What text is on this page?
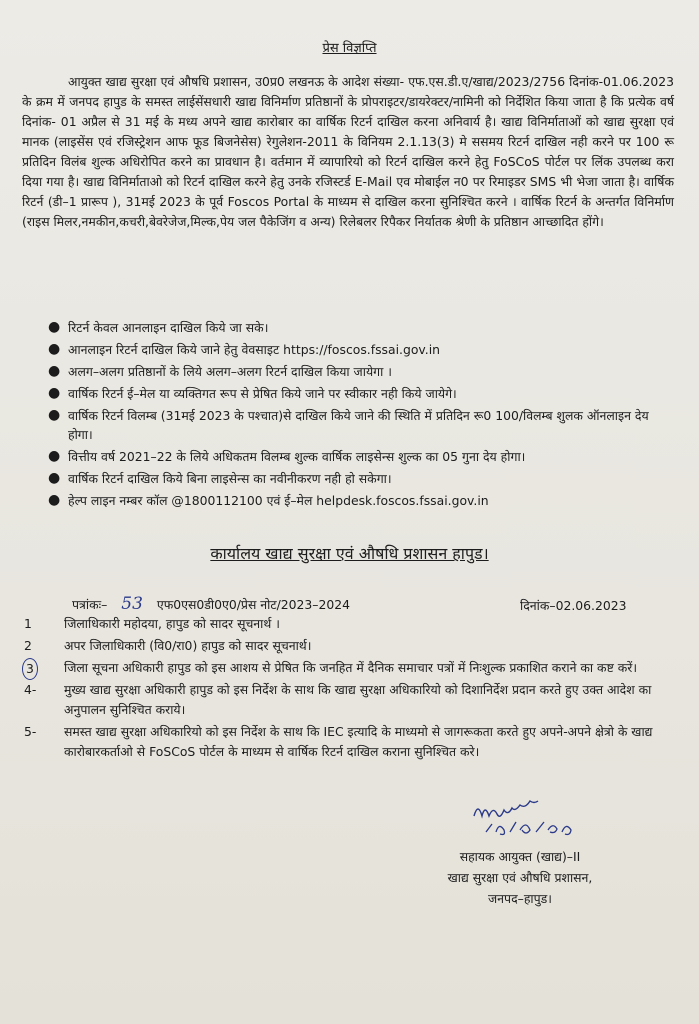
प्रेस विज्ञप्ति

आयुक्त खाद्य सुरक्षा एवं औषधि प्रशासन, उ0प्र0 लखनऊ के आदेश संख्या- एफ.एस.डी.ए/खाद्य/2023/2756 दिनांक-01.06.2023 के क्रम में जनपद हापुड के समस्त लाईसेंसधारी खाद्य विनिर्माण प्रतिष्ठानों के प्रोपराइटर/डायरेक्टर/नामिनी को निर्देशित किया जाता है कि प्रत्येक वर्ष दिनांक- 01 अप्रैल से 31 मई के मध्य अपने खाद्य कारोबार का वार्षिक रिटर्न दाखिल करना अनिवार्य है। खाद्य विनिर्माताओं को खाद्य सुरक्षा एवं मानक (लाइसेंस एवं रजिस्ट्रेशन आफ फूड बिजनेसेस) रेगुलेशन-2011 के विनियम 2.1.13(3) मे ससमय रिटर्न दाखिल नही करने पर 100 रू प्रतिदिन विलंब शुल्क अधिरोपित करने का प्रावधान है। वर्तमान में व्यापारियो को रिटर्न दाखिल करने हेतु FoSCoS पोर्टल पर लिंक उपलब्ध करा दिया गया है। खाद्य विनिर्माताओ को रिटर्न दाखिल करने हेतु उनके रजिस्टर्ड E-Mail एव मोबाईल न0 पर रिमाइडर SMS भी भेजा जाता है। वार्षिक रिटर्न (डी–1 प्रारूप ), 31मई 2023 के पूर्व Foscos Portal के माध्यम से दाखिल करना सुनिश्चित करने । वार्षिक रिटर्न के अन्तर्गत विनिर्माण (राइस मिलर,नमकीन,कचरी,बेवरेजेज,मिल्क,पेय जल पैकेजिंग व अन्य) रिलेबलर रिपैकर निर्यातक श्रेणी के प्रतिष्ठान आच्छादित होंगे।

● रिटर्न केवल आनलाइन दाखिल किये जा सके।
● आनलाइन रिटर्न दाखिल किये जाने हेतु वेवसाइट https://foscos.fssai.gov.in
● अलग–अलग प्रतिष्ठानों के लिये अलग–अलग रिटर्न दाखिल किया जायेगा ।
● वार्षिक रिटर्न ई–मेल या व्यक्तिगत रूप से प्रेषित किये जाने पर स्वीकार नही किये जायेगे।
● वार्षिक रिटर्न विलम्ब (31मई 2023 के पश्चात)से दाखिल किये जाने की स्थिति में प्रतिदिन रू0 100/विलम्ब शुलक ऑनलाइन देय होगा।
● वित्तीय वर्ष 2021–22 के लिये अधिकतम विलम्ब शुल्क वार्षिक लाइसेन्स शुल्क का 05 गुना देय होगा।
● वार्षिक रिटर्न दाखिल किये बिना लाइसेन्स का नवीनीकरण नही हो सकेगा।
● हेल्प लाइन नम्बर कॉल @1800112100 एवं ई–मेल helpdesk.foscos.fssai.gov.in
कार्यालय खाद्य सुरक्षा एवं औषधि प्रशासन हापुड।
पत्रांकः– 53 एफ0एस0डी0ए0/प्रेस नोट/2023–2024	दिनांक–02.06.2023
1	जिलाधिकारी महोदया, हापुड को सादर सूचनार्थ ।
2	अपर जिलाधिकारी (वि0/रा0) हापुड को सादर सूचनार्थ।
3	जिला सूचना अधिकारी हापुड को इस आशय से प्रेषित कि जनहित में दैनिक समाचार पत्रों में निःशुल्क प्रकाशित कराने का कष्ट करें।
4- मुख्य खाद्य सुरक्षा अधिकारी हापुड को इस निर्देश के साथ कि खाद्य सुरक्षा अधिकारियो को दिशानिर्देश प्रदान करते हुए उक्त आदेश का अनुपालन सुनिश्चित कराये।
5- समस्त खाद्य सुरक्षा अधिकारियो को इस निर्देश के साथ कि IEC इत्यादि के माध्यमो से जागरूकता करते हुए अपने-अपने क्षेत्रो के खाद्य कारोबारकर्ताओ से FoSCoS पोर्टल के माध्यम से वार्षिक रिटर्न दाखिल कराना सुनिश्चित करे।
सहायक आयुक्त (खाद्य)–II
खाद्य सुरक्षा एवं औषधि प्रशासन,
जनपद–हापुड।
